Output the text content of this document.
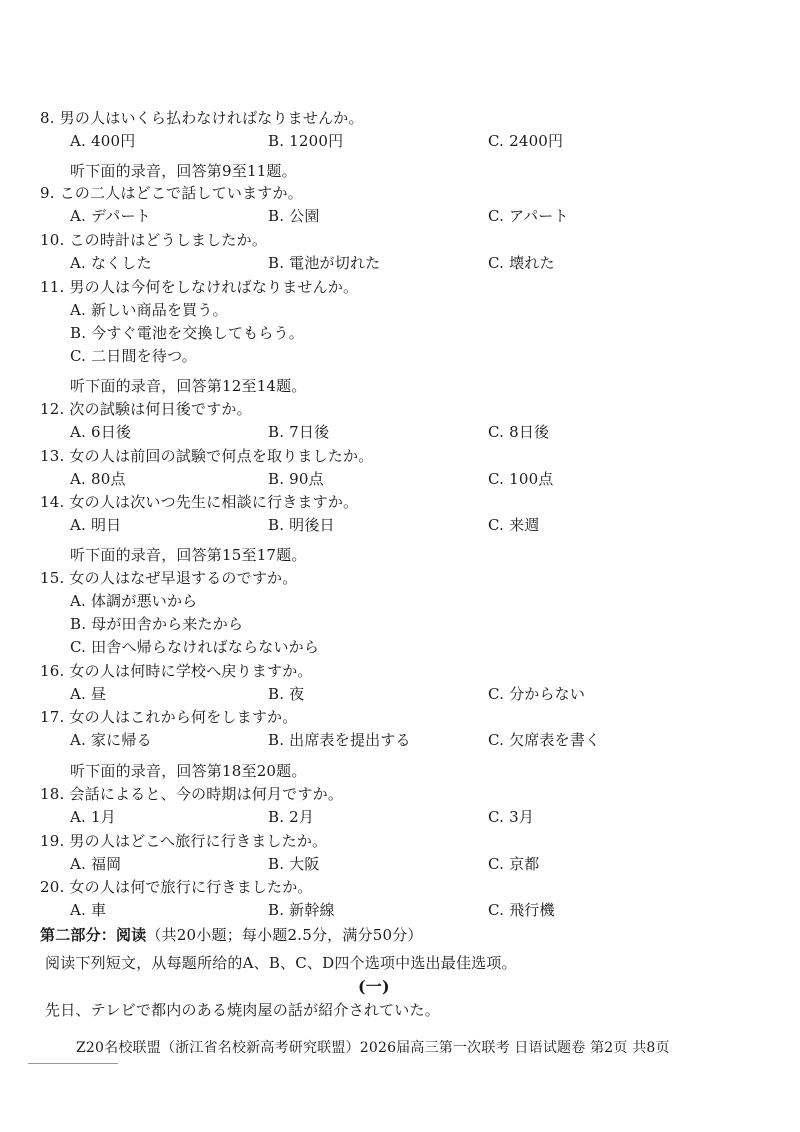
8. 男の人はいくら払わなければなりませんか。
A. 400円	B. 1200円	C. 2400円
听下面的录音，回答第9至11题。
9. この二人はどこで話していますか。
A. デパート	B. 公園	C. アパート
10. この時計はどうしましたか。
A. なくした	B. 電池が切れた	C. 壊れた
11. 男の人は今何をしなければなりませんか。
A. 新しい商品を買う。
B. 今すぐ電池を交換してもらう。
C. 二日間を待つ。
听下面的录音，回答第12至14题。
12. 次の試験は何日後ですか。
A. 6日後	B. 7日後	C. 8日後
13. 女の人は前回の試験で何点を取りましたか。
A. 80点	B. 90点	C. 100点
14. 女の人は次いつ先生に相談に行きますか。
A. 明日	B. 明後日	C. 来週
听下面的录音，回答第15至17题。
15. 女の人はなぜ早退するのですか。
A. 体調が悪いから
B. 母が田舎から来たから
C. 田舎へ帰らなければならないから
16. 女の人は何時に学校へ戻りますか。
A. 昼	B. 夜	C. 分からない
17. 女の人はこれから何をしますか。
A. 家に帰る	B. 出席表を提出する	C. 欠席表を書く
听下面的录音，回答第18至20题。
18. 会話によると、今の時期は何月ですか。
A. 1月	B. 2月	C. 3月
19. 男の人はどこへ旅行に行きましたか。
A. 福岡	B. 大阪	C. 京都
20. 女の人は何で旅行に行きましたか。
A. 車	B. 新幹線	C. 飛行機
第二部分：阅读（共20小题；每小题2.5分，满分50分）
阅读下列短文，从每题所给的A、B、C、D四个选项中选出最佳选项。
(一)
先日、テレビで都内のある焼肉屋の話が紹介されていた。
Z20名校联盟（浙江省名校新高考研究联盟）2026届高三第一次联考 日语试题卷 第2页 共8页
